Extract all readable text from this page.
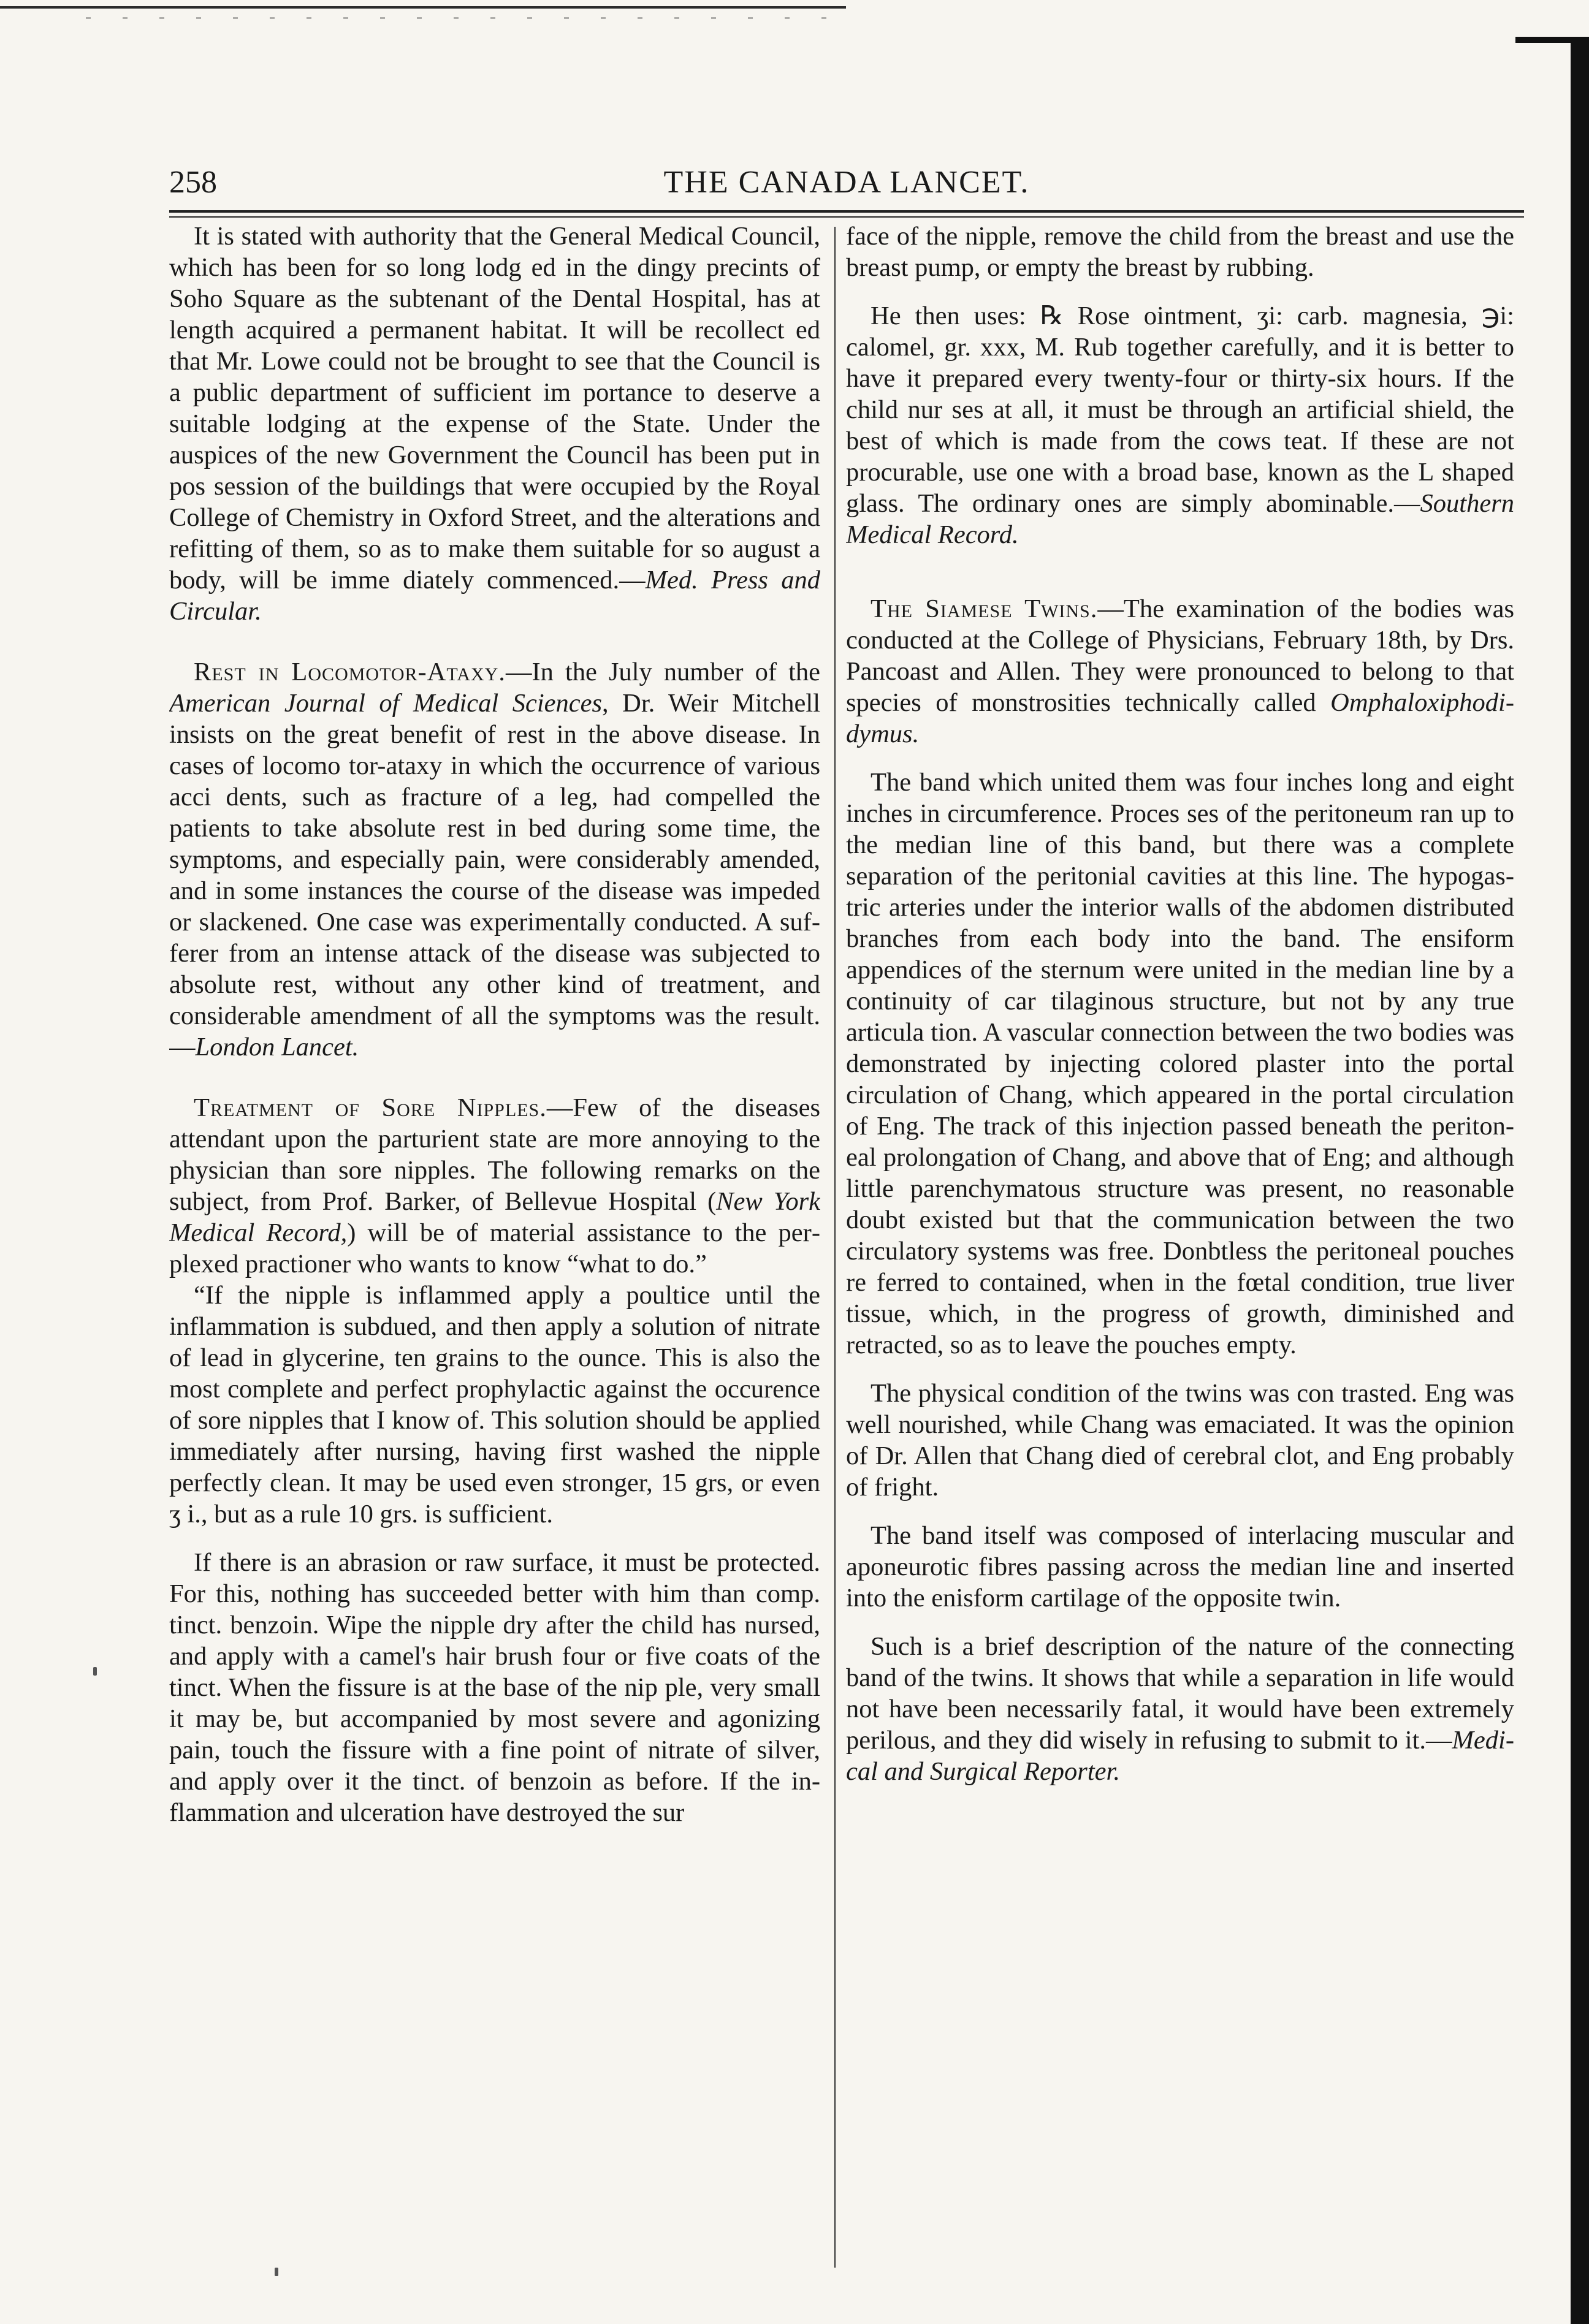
258	THE CANADA LANCET.

It is stated with authority that the General Medical Council, which has been for so long lodg ed in the dingy precints of Soho Square as the subtenant of the Dental Hospital, has at length acquired a permanent habitat. It will be recollect ed that Mr. Lowe could not be brought to see that the Council is a public department of sufficient im portance to deserve a suitable lodging at the expense of the State. Under the auspices of the new Government the Council has been put in pos session of the buildings that were occupied by the Royal College of Chemistry in Oxford Street, and the alterations and refitting of them, so as to make them suitable for so august a body, will be imme diately commenced.—Med. Press and Circular.

Rest in Locomotor-Ataxy.—In the July number of the American Journal of Medical Sciences, Dr. Weir Mitchell insists on the great benefit of rest in the above disease. In cases of locomo tor-ataxy in which the occurrence of various acci dents, such as fracture of a leg, had compelled the patients to take absolute rest in bed during some time, the symptoms, and especially pain, were considerably amended, and in some instances the course of the disease was impeded or slackened. One case was experimentally conducted. A suf ferer from an intense attack of the disease was subjected to absolute rest, without any other kind of treatment, and considerable amendment of all the symptoms was the result.—London Lancet.

Treatment of Sore Nipples.—Few of the diseases attendant upon the parturient state are more annoying to the physician than sore nipples. The following remarks on the subject, from Prof. Barker, of Bellevue Hospital (New York Medical Record,) will be of material assistance to the per plexed practioner who wants to know “what to do.”

“If the nipple is inflammed apply a poultice until the inflammation is subdued, and then apply a solution of nitrate of lead in glycerine, ten grains to the ounce. This is also the most complete and perfect prophylactic against the occurence of sore nipples that I know of. This solution should be applied immediately after nursing, having first washed the nipple perfectly clean. It may be used even stronger, 15 grs, or even ʒ i., but as a rule 10 grs. is sufficient.

If there is an abrasion or raw surface, it must be protected. For this, nothing has succeeded better with him than comp. tinct. benzoin. Wipe the nipple dry after the child has nursed, and apply with a camel's hair brush four or five coats of the tinct. When the fissure is at the base of the nip ple, very small it may be, but accompanied by most severe and agonizing pain, touch the fissure with a fine point of nitrate of silver, and apply over it the tinct. of benzoin as before. If the in flammation and ulceration have destroyed the sur

face of the nipple, remove the child from the breast and use the breast pump, or empty the breast by rubbing.

He then uses: ℞ Rose ointment, ʒi: carb. magnesia, ℈i: calomel, gr. xxx, M. Rub together carefully, and it is better to have it prepared every twenty-four or thirty-six hours. If the child nur ses at all, it must be through an artificial shield, the best of which is made from the cows teat. If these are not procurable, use one with a broad base, known as the L shaped glass. The ordinary ones are simply abominable.—Southern Medical Record.

The Siamese Twins.—The examination of the bodies was conducted at the College of Physicians, February 18th, by Drs. Pancoast and Allen. They were pronounced to belong to that species of monstrosities technically called Omphaloxiphodi dymus.

The band which united them was four inches long and eight inches in circumference. Proces ses of the peritoneum ran up to the median line of this band, but there was a complete separation of the peritonial cavities at this line. The hypogas tric arteries under the interior walls of the abdomen distributed branches from each body into the band. The ensiform appendices of the sternum were united in the median line by a continuity of car tilaginous structure, but not by any true articula tion. A vascular connection between the two bodies was demonstrated by injecting colored plaster into the portal circulation of Chang, which appeared in the portal circulation of Eng. The track of this injection passed beneath the periton eal prolongation of Chang, and above that of Eng; and although little parenchymatous structure was present, no reasonable doubt existed but that the communication between the two circulatory systems was free. Donbtless the peritoneal pouches re ferred to contained, when in the fœtal condition, true liver tissue, which, in the progress of growth, diminished and retracted, so as to leave the pouches empty.

The physical condition of the twins was con trasted. Eng was well nourished, while Chang was emaciated. It was the opinion of Dr. Allen that Chang died of cerebral clot, and Eng probably of fright.

The band itself was composed of interlacing muscular and aponeurotic fibres passing across the median line and inserted into the enisform cartilage of the opposite twin.

Such is a brief description of the nature of the connecting band of the twins. It shows that while a separation in life would not have been necessarily fatal, it would have been extremely perilous, and they did wisely in refusing to submit to it.—Medi cal and Surgical Reporter.
